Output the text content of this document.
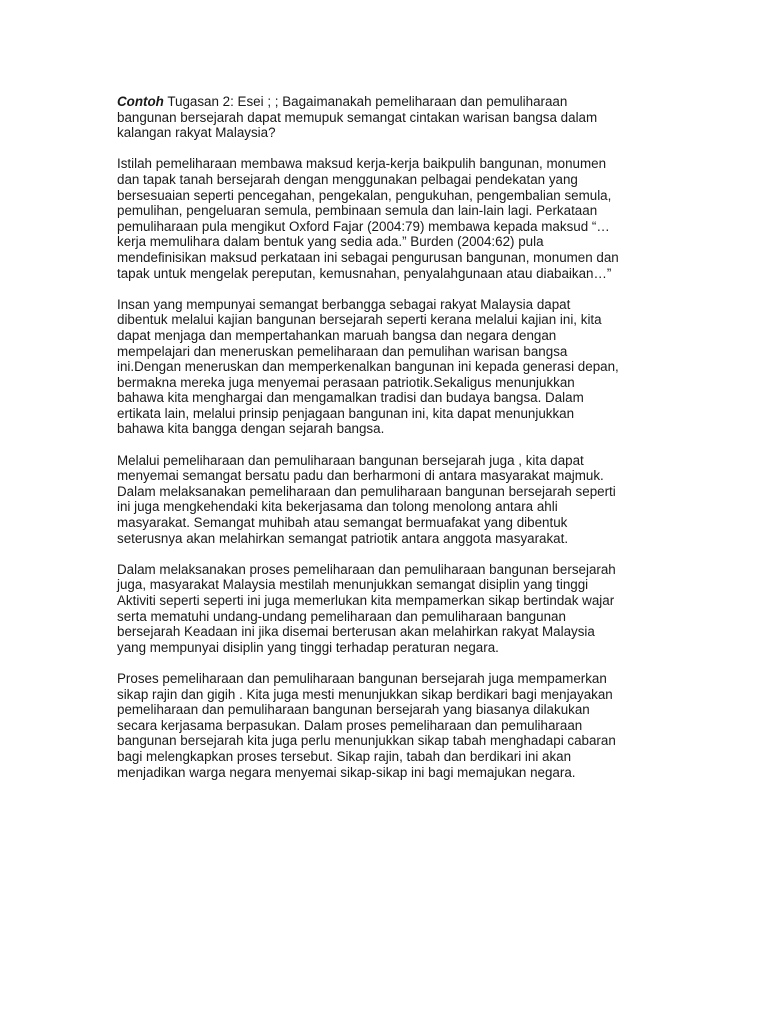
Contoh Tugasan 2: Esei ; ; Bagaimanakah pemeliharaan dan pemuliharaan
bangunan bersejarah dapat memupuk semangat cintakan warisan bangsa dalam
kalangan rakyat Malaysia?
Istilah pemeliharaan membawa maksud kerja-kerja baikpulih bangunan, monumen
dan tapak tanah bersejarah dengan menggunakan pelbagai pendekatan yang
bersesuaian seperti pencegahan, pengekalan, pengukuhan, pengembalian semula,
pemulihan, pengeluaran semula, pembinaan semula dan lain-lain lagi. Perkataan
pemuliharaan pula mengikut Oxford Fajar (2004:79) membawa kepada maksud “…
kerja memulihara dalam bentuk yang sedia ada.” Burden (2004:62) pula
mendefinisikan maksud perkataan ini sebagai pengurusan bangunan, monumen dan
tapak untuk mengelak pereputan, kemusnahan, penyalahgunaan atau diabaikan…”
Insan yang mempunyai semangat berbangga sebagai rakyat Malaysia dapat
dibentuk melalui kajian bangunan bersejarah seperti kerana melalui kajian ini, kita
dapat menjaga dan mempertahankan maruah bangsa dan negara dengan
mempelajari dan meneruskan pemeliharaan dan pemulihan warisan bangsa
ini.Dengan meneruskan dan memperkenalkan bangunan ini kepada generasi depan,
bermakna mereka juga menyemai perasaan patriotik.Sekaligus menunjukkan
bahawa kita menghargai dan mengamalkan tradisi dan budaya bangsa. Dalam
ertikata lain, melalui prinsip penjagaan bangunan ini, kita dapat menunjukkan
bahawa kita bangga dengan sejarah bangsa.
Melalui pemeliharaan dan pemuliharaan bangunan bersejarah juga , kita dapat
menyemai semangat bersatu padu dan berharmoni di antara masyarakat majmuk.
Dalam melaksanakan pemeliharaan dan pemuliharaan bangunan bersejarah seperti
ini juga mengkehendaki kita bekerjasama dan tolong menolong antara ahli
masyarakat. Semangat muhibah atau semangat bermuafakat yang dibentuk
seterusnya akan melahirkan semangat patriotik antara anggota masyarakat.
Dalam melaksanakan proses pemeliharaan dan pemuliharaan bangunan bersejarah
juga, masyarakat Malaysia mestilah menunjukkan semangat disiplin yang tinggi
Aktiviti seperti seperti ini juga memerlukan kita mempamerkan sikap bertindak wajar
serta mematuhi undang-undang pemeliharaan dan pemuliharaan bangunan
bersejarah Keadaan ini jika disemai berterusan akan melahirkan rakyat Malaysia
yang mempunyai disiplin yang tinggi terhadap peraturan negara.
Proses pemeliharaan dan pemuliharaan bangunan bersejarah juga mempamerkan
sikap rajin dan gigih . Kita juga mesti menunjukkan sikap berdikari bagi menjayakan
pemeliharaan dan pemuliharaan bangunan bersejarah yang biasanya dilakukan
secara kerjasama berpasukan. Dalam proses pemeliharaan dan pemuliharaan
bangunan bersejarah kita juga perlu menunjukkan sikap tabah menghadapi cabaran
bagi melengkapkan proses tersebut. Sikap rajin, tabah dan berdikari ini akan
menjadikan warga negara menyemai sikap-sikap ini bagi memajukan negara.
